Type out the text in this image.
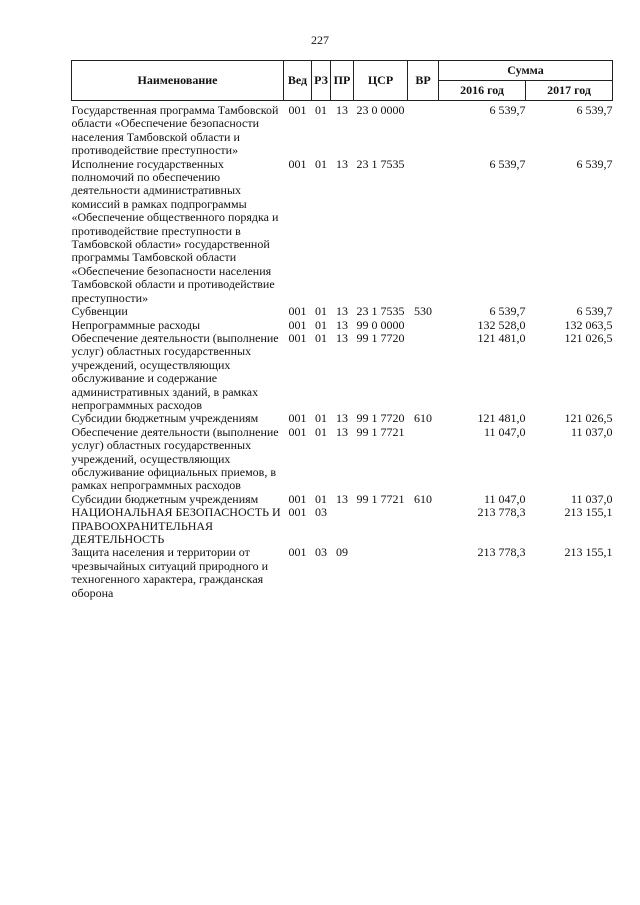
227
Наименование	Вед	РЗ	ПР	ЦСР	ВР	Сумма	
						2016 год	2017 год
Государственная программа Тамбовской области «Обеспечение безопасности населения Тамбовской области и противодействие преступности»	001	01	13	23 0 0000		6 539,7	6 539,7
Исполнение государственных полномочий по обеспечению деятельности административных комиссий в рамках подпрограммы «Обеспечение общественного порядка и противодействие преступности в Тамбовской области» государственной программы Тамбовской области «Обеспечение безопасности населения Тамбовской области и противодействие преступности»	001	01	13	23 1 7535		6 539,7	6 539,7
Субвенции	001	01	13	23 1 7535	530	6 539,7	6 539,7
Непрограммные расходы	001	01	13	99 0 0000		132 528,0	132 063,5
Обеспечение деятельности (выполнение услуг) областных государственных учреждений, осуществляющих обслуживание и содержание административных зданий, в рамках непрограммных расходов	001	01	13	99 1 7720		121 481,0	121 026,5
Субсидии бюджетным учреждениям	001	01	13	99 1 7720	610	121 481,0	121 026,5
Обеспечение деятельности (выполнение услуг) областных государственных учреждений, осуществляющих обслуживание официальных приемов, в рамках непрограммных расходов	001	01	13	99 1 7721		11 047,0	11 037,0
Субсидии бюджетным учреждениям	001	01	13	99 1 7721	610	11 047,0	11 037,0
НАЦИОНАЛЬНАЯ БЕЗОПАСНОСТЬ И ПРАВООХРАНИТЕЛЬНАЯ ДЕЯТЕЛЬНОСТЬ	001	03				213 778,3	213 155,1
Защита населения и территории от чрезвычайных ситуаций природного и техногенного характера, гражданская оборона	001	03	09			213 778,3	213 155,1
